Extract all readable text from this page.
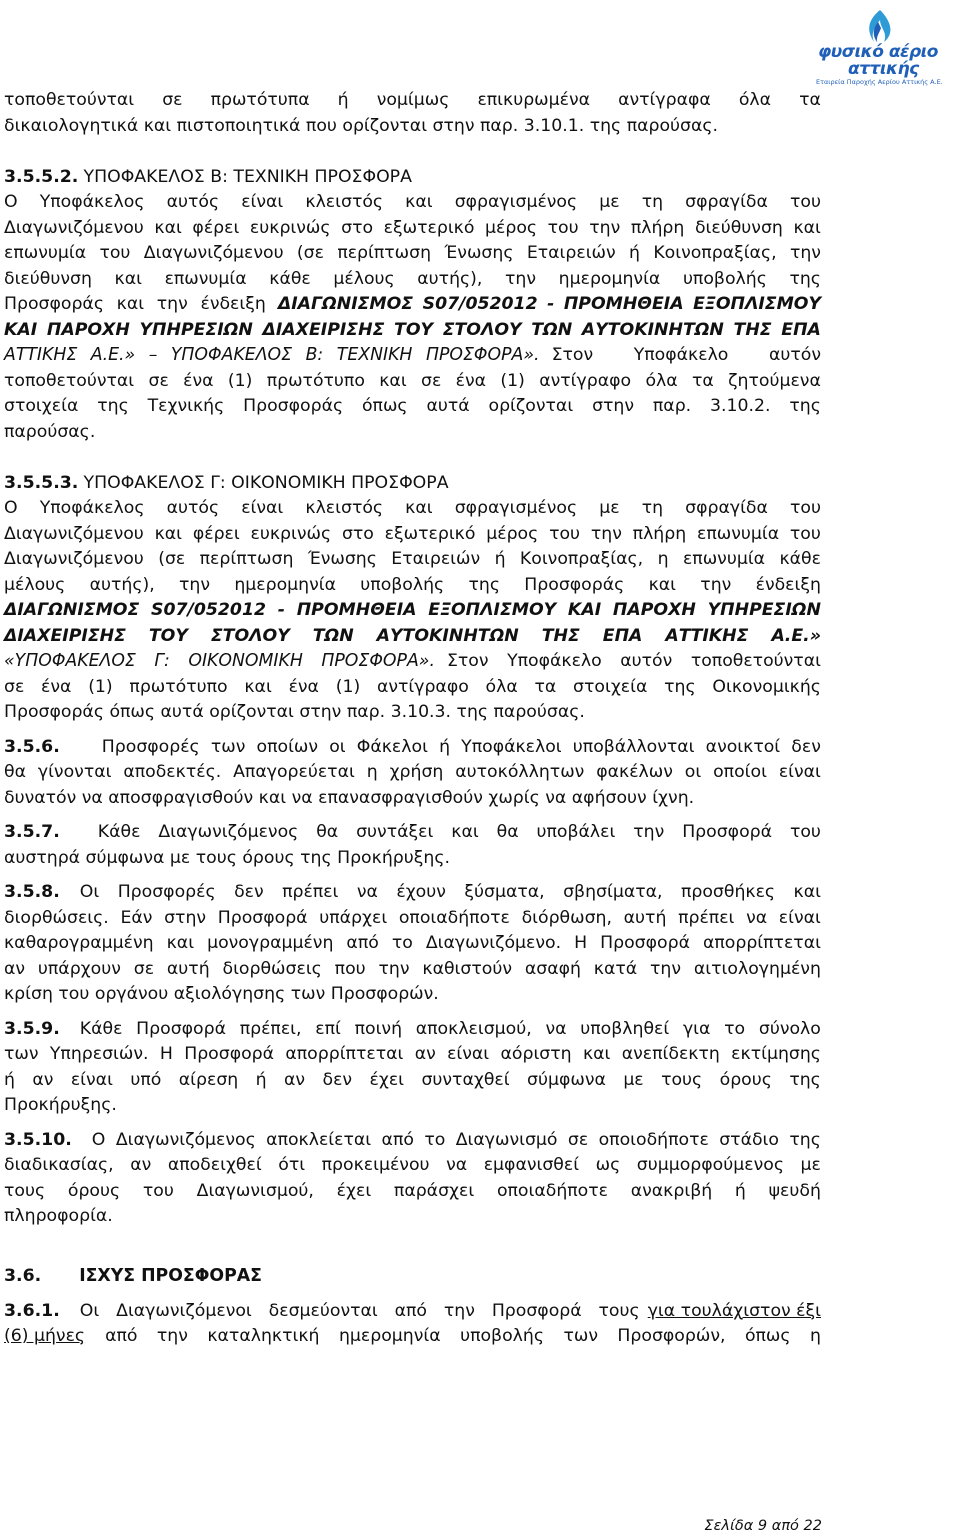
φυσικό αέριο
αττικής
Εταιρεία Παροχής Αερίου Αττικής Α.Ε.
τοποθετούνται σε πρωτότυπα ή νομίμως επικυρωμένα αντίγραφα όλα τα
δικαιολογητικά και πιστοποιητικά που ορίζονται στην παρ. 3.10.1. της παρούσας.
3.5.5.2. ΥΠΟΦΑΚΕΛΟΣ Β: ΤΕΧΝΙΚΗ ΠΡΟΣΦΟΡΑ
Ο Υποφάκελος αυτός είναι κλειστός και σφραγισμένος με τη σφραγίδα του
Διαγωνιζόμενου και φέρει ευκρινώς στο εξωτερικό μέρος του την πλήρη διεύθυνση και
επωνυμία του Διαγωνιζόμενου (σε περίπτωση Ένωσης Εταιρειών ή Κοινοπραξίας, την
διεύθυνση και επωνυμία κάθε μέλους αυτής), την ημερομηνία υποβολής της
Προσφοράς και την ένδειξη ΔΙΑΓΩΝΙΣΜΟΣ S07/052012 - ΠΡΟΜΗΘΕΙΑ ΕΞΟΠΛΙΣΜΟΥ
ΚΑΙ ΠΑΡΟΧΗ ΥΠΗΡΕΣΙΩΝ ΔΙΑΧΕΙΡΙΣΗΣ ΤΟΥ ΣΤΟΛΟΥ ΤΩΝ ΑΥΤΟΚΙΝΗΤΩΝ ΤΗΣ ΕΠΑ
ΑΤΤΙΚΗΣ Α.Ε.» – ΥΠΟΦΑΚΕΛΟΣ Β: ΤΕΧΝΙΚΗ ΠΡΟΣΦΟΡΑ». Στον Υποφάκελο αυτόν
τοποθετούνται σε ένα (1) πρωτότυπο και σε ένα (1) αντίγραφο όλα τα ζητούμενα
στοιχεία της Τεχνικής Προσφοράς όπως αυτά ορίζονται στην παρ. 3.10.2. της
παρούσας.
3.5.5.3. ΥΠΟΦΑΚΕΛΟΣ Γ: ΟΙΚΟΝΟΜΙΚΗ ΠΡΟΣΦΟΡΑ
Ο Υποφάκελος αυτός είναι κλειστός και σφραγισμένος με τη σφραγίδα του
Διαγωνιζόμενου και φέρει ευκρινώς στο εξωτερικό μέρος του την πλήρη επωνυμία του
Διαγωνιζόμενου (σε περίπτωση Ένωσης Εταιρειών ή Κοινοπραξίας, η επωνυμία κάθε
μέλους αυτής), την ημερομηνία υποβολής της Προσφοράς και την ένδειξη
ΔΙΑΓΩΝΙΣΜΟΣ S07/052012 - ΠΡΟΜΗΘΕΙΑ ΕΞΟΠΛΙΣΜΟΥ ΚΑΙ ΠΑΡΟΧΗ ΥΠΗΡΕΣΙΩΝ
ΔΙΑΧΕΙΡΙΣΗΣ ΤΟΥ ΣΤΟΛΟΥ ΤΩΝ ΑΥΤΟΚΙΝΗΤΩΝ ΤΗΣ ΕΠΑ ΑΤΤΙΚΗΣ Α.Ε.»
«ΥΠΟΦΑΚΕΛΟΣ Γ: ΟΙΚΟΝΟΜΙΚΗ ΠΡΟΣΦΟΡΑ». Στον Υποφάκελο αυτόν τοποθετούνται
σε ένα (1) πρωτότυπο και ένα (1) αντίγραφο όλα τα στοιχεία της Οικονομικής
Προσφοράς όπως αυτά ορίζονται στην παρ. 3.10.3. της παρούσας.
3.5.6. Προσφορές των οποίων οι Φάκελοι ή Υποφάκελοι υποβάλλονται ανοικτοί δεν
θα γίνονται αποδεκτές. Απαγορεύεται η χρήση αυτοκόλλητων φακέλων οι οποίοι είναι
δυνατόν να αποσφραγισθούν και να επανασφραγισθούν χωρίς να αφήσουν ίχνη.
3.5.7. Κάθε Διαγωνιζόμενος θα συντάξει και θα υποβάλει την Προσφορά του
αυστηρά σύμφωνα με τους όρους της Προκήρυξης.
3.5.8. Οι Προσφορές δεν πρέπει να έχουν ξύσματα, σβησίματα, προσθήκες και
διορθώσεις. Εάν στην Προσφορά υπάρχει οποιαδήποτε διόρθωση, αυτή πρέπει να είναι
καθαρογραμμένη και μονογραμμένη από το Διαγωνιζόμενο. Η Προσφορά απορρίπτεται
αν υπάρχουν σε αυτή διορθώσεις που την καθιστούν ασαφή κατά την αιτιολογημένη
κρίση του οργάνου αξιολόγησης των Προσφορών.
3.5.9. Κάθε Προσφορά πρέπει, επί ποινή αποκλεισμού, να υποβληθεί για το σύνολο
των Υπηρεσιών. Η Προσφορά απορρίπτεται αν είναι αόριστη και ανεπίδεκτη εκτίμησης
ή αν είναι υπό αίρεση ή αν δεν έχει συνταχθεί σύμφωνα με τους όρους της
Προκήρυξης.
3.5.10. Ο Διαγωνιζόμενος αποκλείεται από το Διαγωνισμό σε οποιοδήποτε στάδιο της
διαδικασίας, αν αποδειχθεί ότι προκειμένου να εμφανισθεί ως συμμορφούμενος με
τους όρους του Διαγωνισμού, έχει παράσχει οποιαδήποτε ανακριβή ή ψευδή
πληροφορία.
3.6.	ΙΣΧΥΣ ΠΡΟΣΦΟΡΑΣ
3.6.1. Οι Διαγωνιζόμενοι δεσμεύονται από την Προσφορά τους για τουλάχιστον έξι
(6) μήνες από την καταληκτική ημερομηνία υποβολής των Προσφορών, όπως η
Σελίδα 9 από 22
